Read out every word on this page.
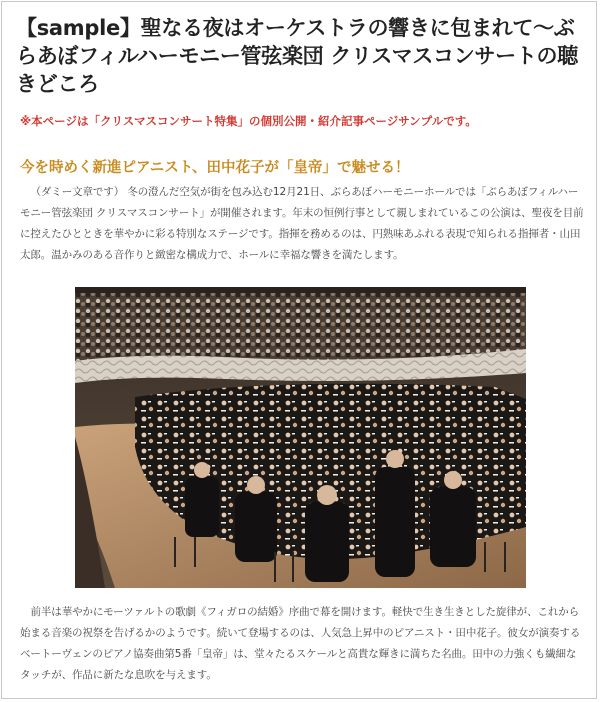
【sample】聖なる夜はオーケストラの響きに包まれて〜ぶらあぼフィルハーモニー管弦楽団 クリスマスコンサートの聴きどころ
※本ページは「クリスマスコンサート特集」の個別公開・紹介記事ページサンプルです。
今を時めく新進ピアニスト、田中花子が「皇帝」で魅せる！

（ダミー文章です） 冬の澄んだ空気が街を包み込む12月21日、ぶらあぼハーモニーホールでは「ぶらあぼフィルハーモニー管弦楽団 クリスマスコンサート」が開催されます。年末の恒例行事として親しまれているこの公演は、聖夜を目前に控えたひとときを華やかに彩る特別なステージです。指揮を務めるのは、円熟味あふれる表現で知られる指揮者・山田太郎。温かみのある音作りと緻密な構成力で、ホールに幸福な響きを満たします。

前半は華やかにモーツァルトの歌劇《フィガロの結婚》序曲で幕を開けます。軽快で生き生きとした旋律が、これから始まる音楽の祝祭を告げるかのようです。続いて登場するのは、人気急上昇中のピアニスト・田中花子。彼女が演奏するベートーヴェンのピアノ協奏曲第5番「皇帝」は、堂々たるスケールと高貴な輝きに満ちた名曲。田中の力強くも繊細なタッチが、作品に新たな息吹を与えます。
